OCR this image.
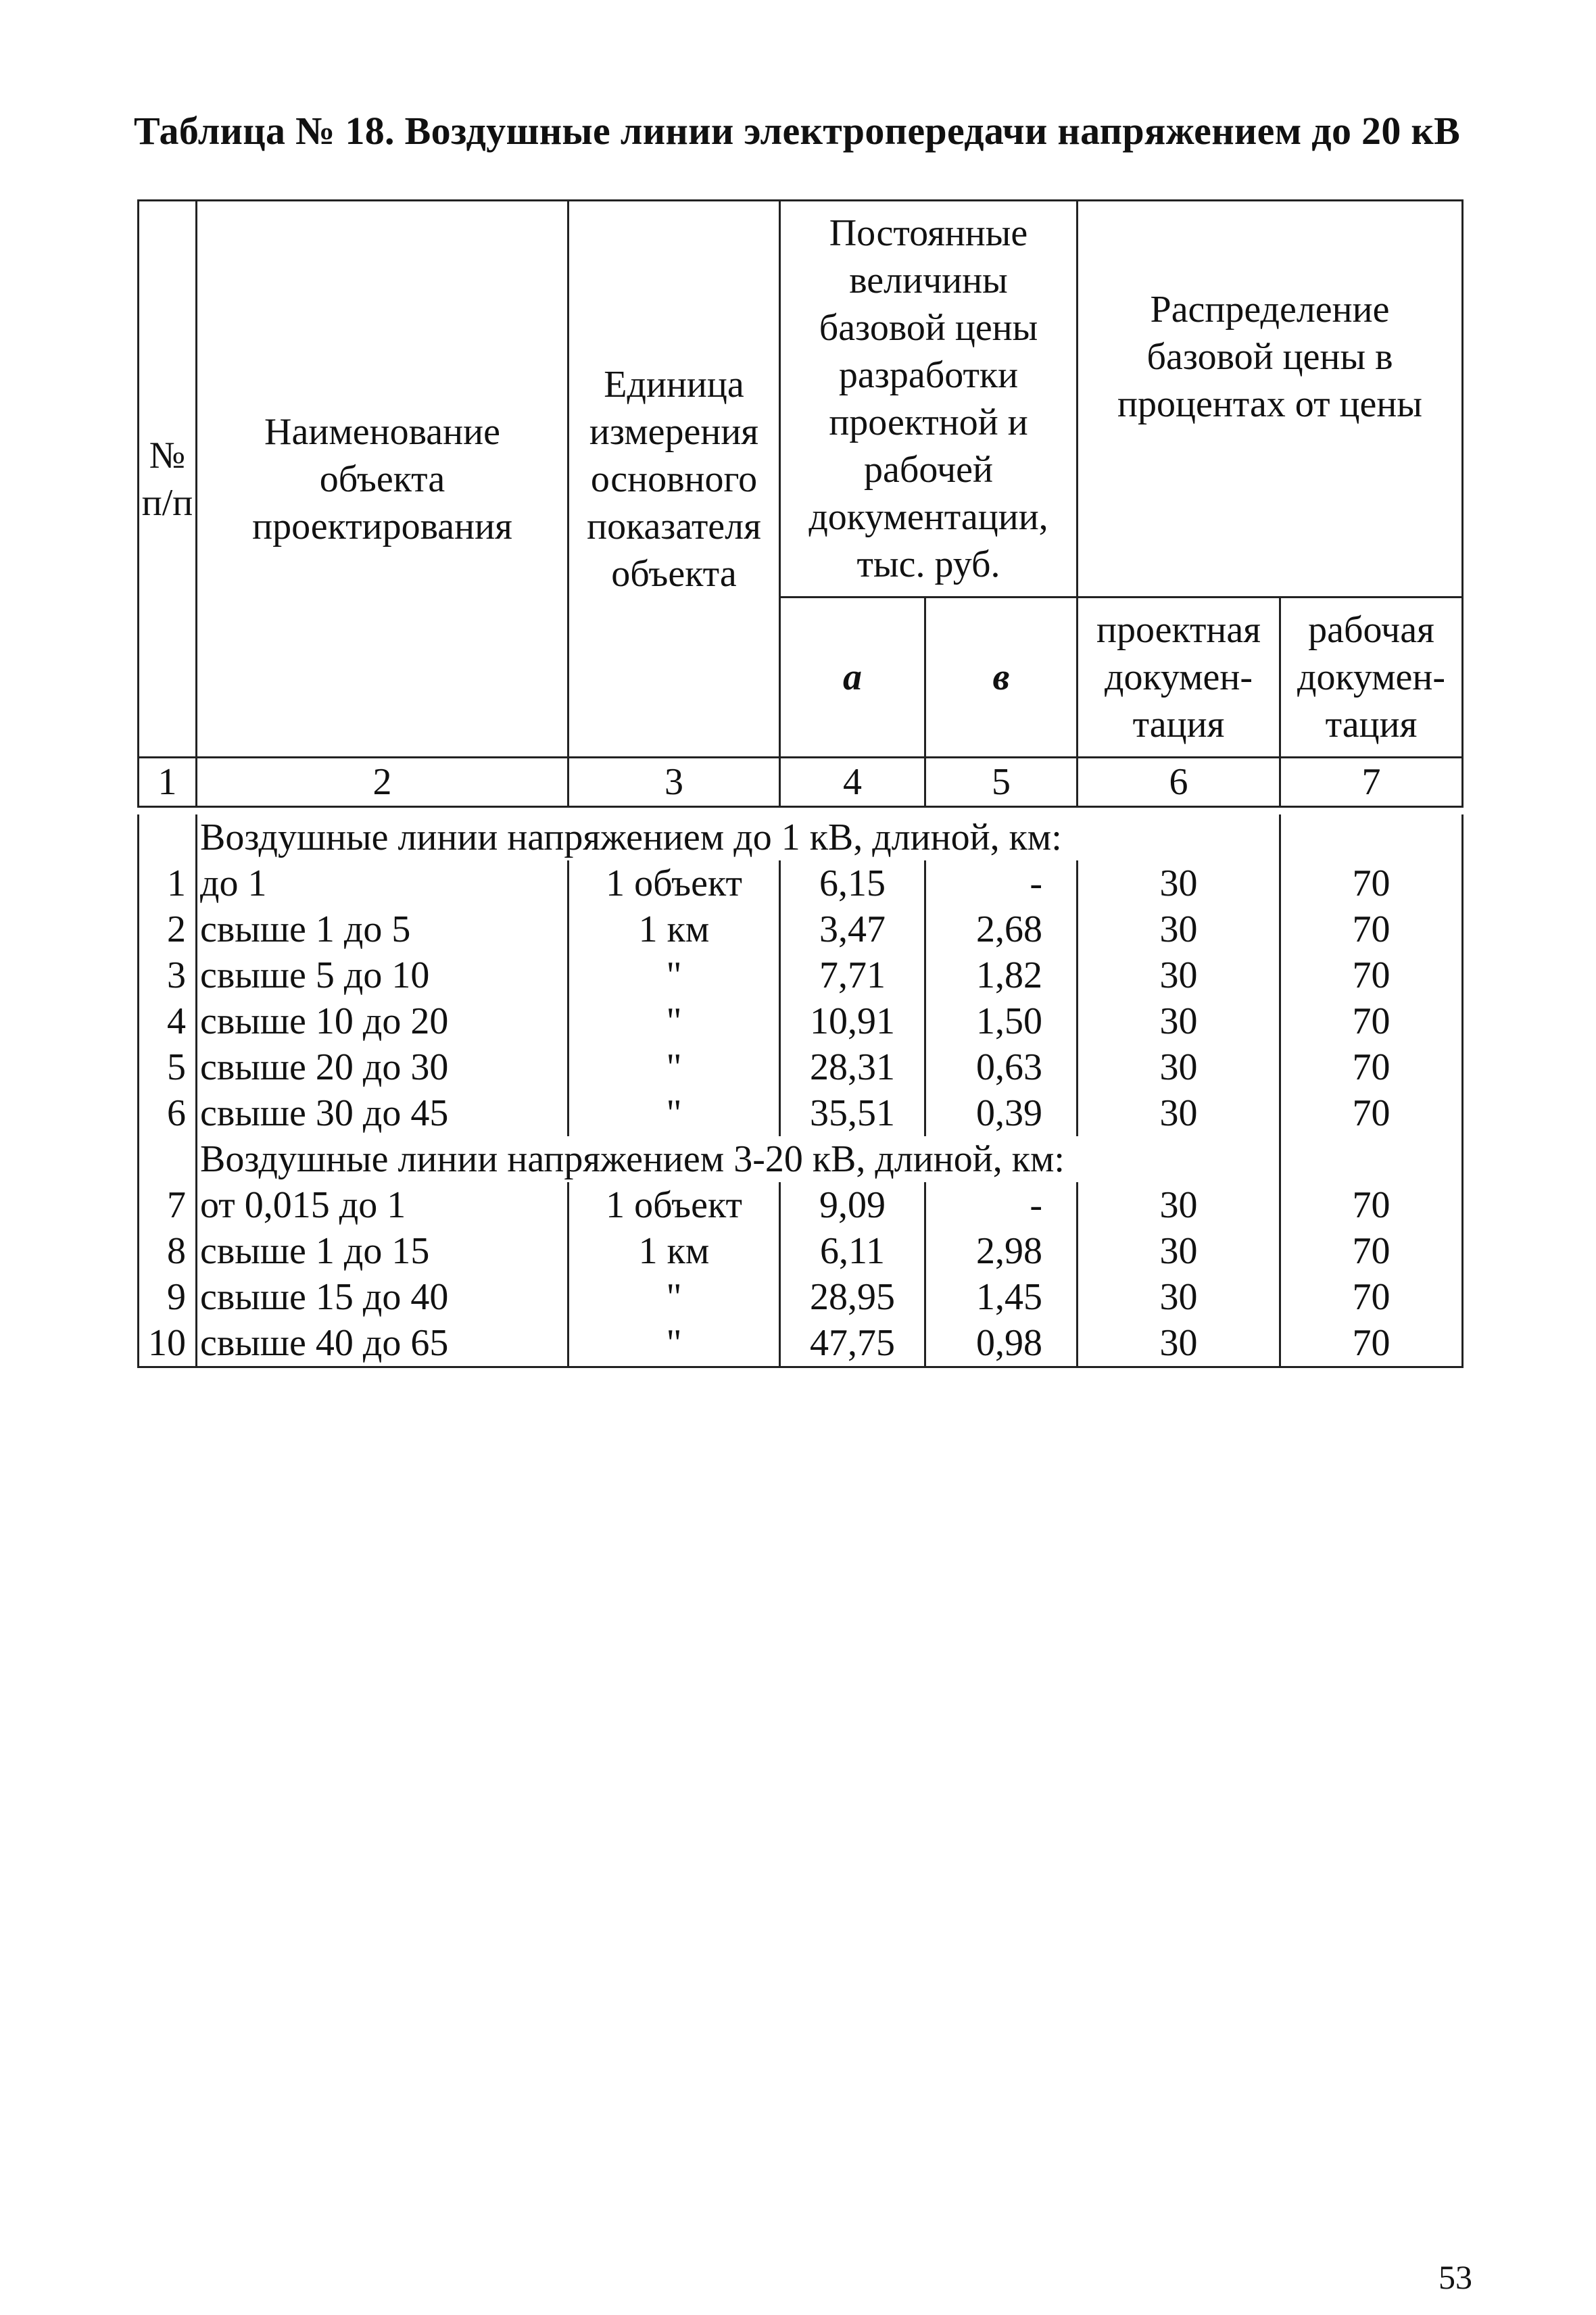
Таблица № 18. Воздушные линии электропередачи напряжением до 20 кВ
№ п/п	Наименование объекта проектирования	Единица измерения основного показателя объекта	Постоянные величины базовой цены разработки проектной и рабочей документации, тыс. руб.		Распределение базовой цены в процентах от цены	
			а	в	проектная докумен- тация	рабочая докумен- тация
1	2	3	4	5	6	7

	Воздушные линии напряжением до 1 кВ, длиной, км:					
1	до 1	1 объект	6,15	-	30	70
2	свыше 1 до 5	1 км	3,47	2,68	30	70
3	свыше 5 до 10	"	7,71	1,82	30	70
4	свыше 10 до 20	"	10,91	1,50	30	70
5	свыше 20 до 30	"	28,31	0,63	30	70
6	свыше 30 до 45	"	35,51	0,39	30	70
	Воздушные линии напряжением 3-20 кВ, длиной, км:					
7	от 0,015 до 1	1 объект	9,09	-	30	70
8	свыше 1 до 15	1 км	6,11	2,98	30	70
9	свыше 15 до 40	"	28,95	1,45	30	70
10	свыше 40 до 65	"	47,75	0,98	30	70
53
